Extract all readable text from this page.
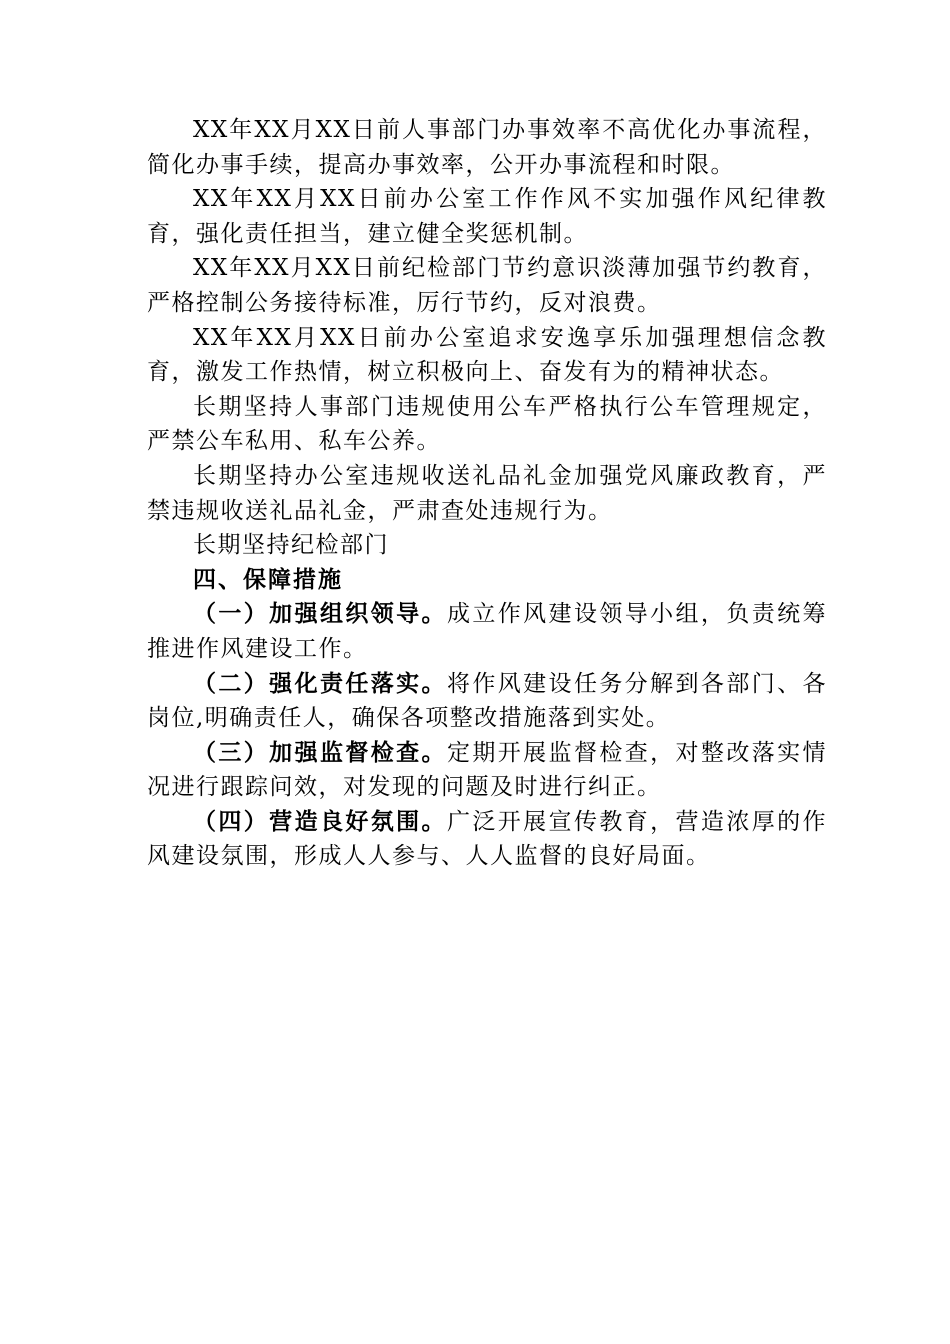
XX年XX月XX日前人事部门办事效率不高优化办事流程，简化办事手续，提高办事效率，公开办事流程和时限。

XX年XX月XX日前办公室工作作风不实加强作风纪律教育，强化责任担当，建立健全奖惩机制。

XX年XX月XX日前纪检部门节约意识淡薄加强节约教育，严格控制公务接待标准，厉行节约，反对浪费。

XX年XX月XX日前办公室追求安逸享乐加强理想信念教育，激发工作热情，树立积极向上、奋发有为的精神状态。

长期坚持人事部门违规使用公车严格执行公车管理规定，严禁公车私用、私车公养。

长期坚持办公室违规收送礼品礼金加强党风廉政教育，严禁违规收送礼品礼金，严肃查处违规行为。

长期坚持纪检部门

四、保障措施

（一）加强组织领导。成立作风建设领导小组，负责统筹推进作风建设工作。

（二）强化责任落实。将作风建设任务分解到各部门、各岗位,明确责任人，确保各项整改措施落到实处。

（三）加强监督检查。定期开展监督检查，对整改落实情况进行跟踪问效，对发现的问题及时进行纠正。

（四）营造良好氛围。广泛开展宣传教育，营造浓厚的作风建设氛围，形成人人参与、人人监督的良好局面。
